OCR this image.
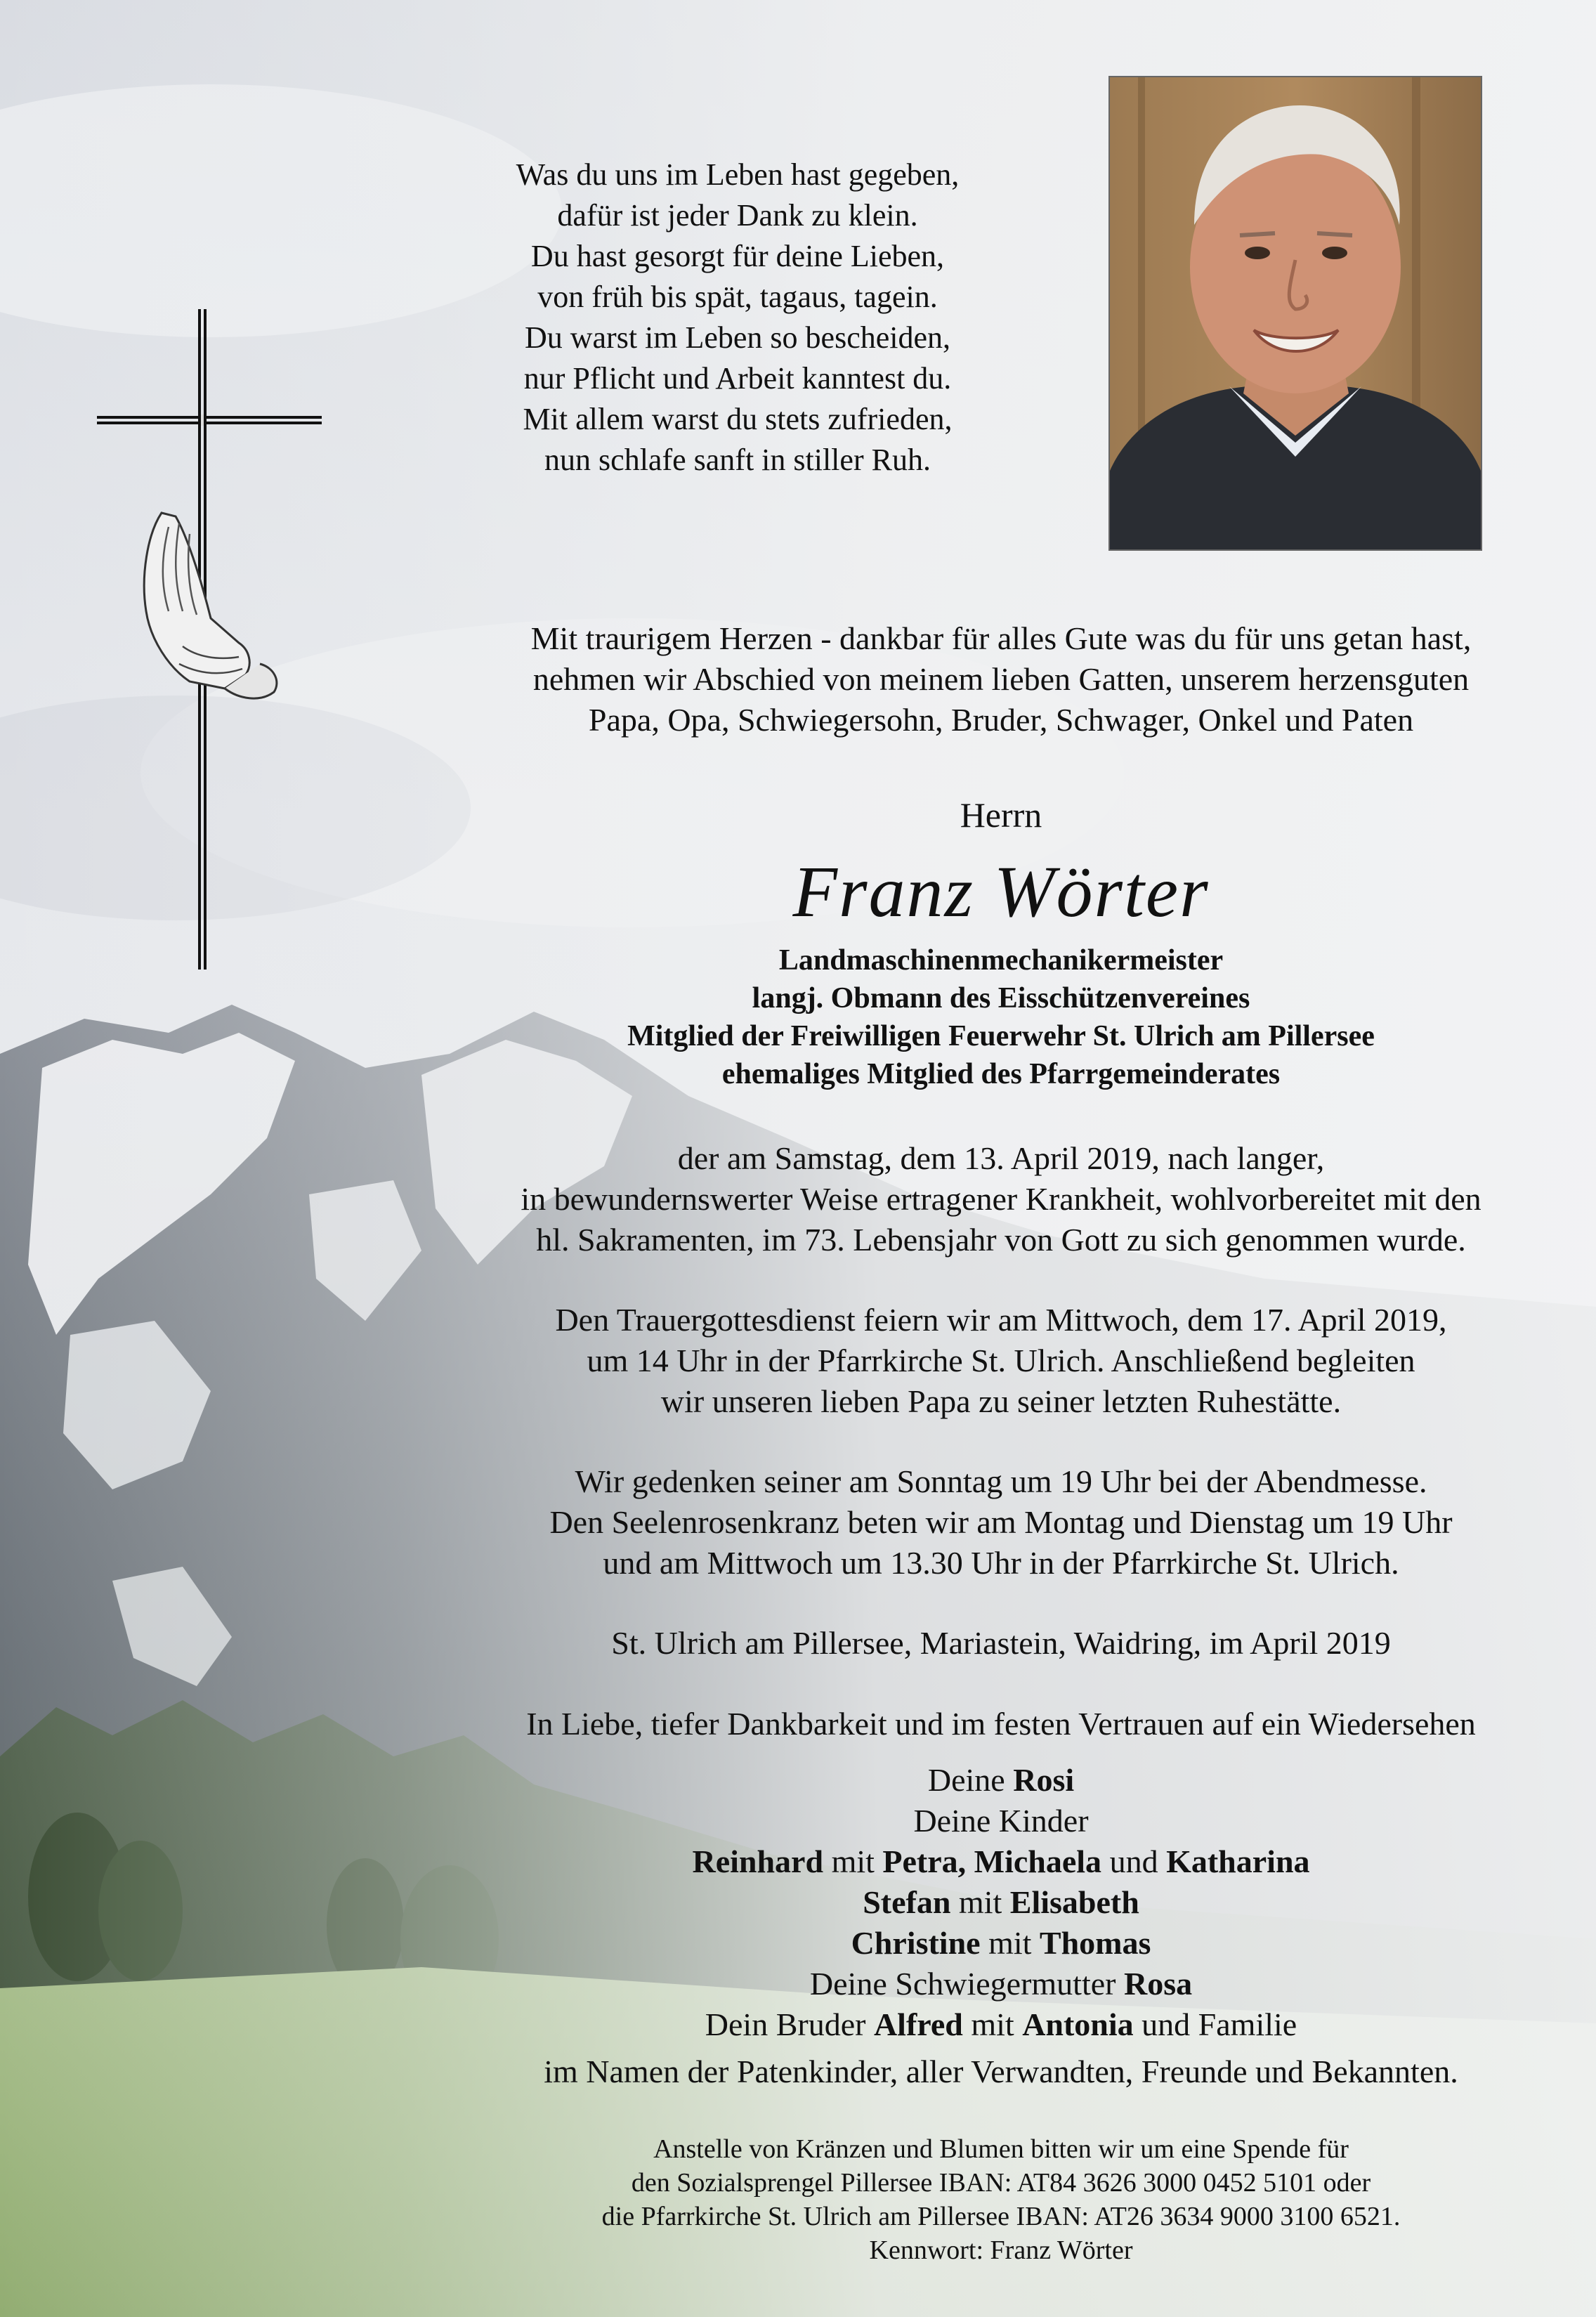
Was du uns im Leben hast gegeben,
dafür ist jeder Dank zu klein.
Du hast gesorgt für deine Lieben,
von früh bis spät, tagaus, tagein.
Du warst im Leben so bescheiden,
nur Pflicht und Arbeit kanntest du.
Mit allem warst du stets zufrieden,
nun schlafe sanft in stiller Ruh.
Mit traurigem Herzen - dankbar für alles Gute was du für uns getan hast,
nehmen wir Abschied von meinem lieben Gatten, unserem herzensguten
Papa, Opa, Schwiegersohn, Bruder, Schwager, Onkel und Paten
Herrn
Franz Wörter
Landmaschinenmechanikermeister
langj. Obmann des Eisschützenvereines
Mitglied der Freiwilligen Feuerwehr St. Ulrich am Pillersee
ehemaliges Mitglied des Pfarrgemeinderates
der am Samstag, dem 13. April 2019, nach langer,
in bewundernswerter Weise ertragener Krankheit, wohlvorbereitet mit den
hl. Sakramenten, im 73. Lebensjahr von Gott zu sich genommen wurde.
Den Trauergottesdienst feiern wir am Mittwoch, dem 17. April 2019,
um 14 Uhr in der Pfarrkirche St. Ulrich. Anschließend begleiten
wir unseren lieben Papa zu seiner letzten Ruhestätte.
Wir gedenken seiner am Sonntag um 19 Uhr bei der Abendmesse.
Den Seelenrosenkranz beten wir am Montag und Dienstag um 19 Uhr
und am Mittwoch um 13.30 Uhr in der Pfarrkirche St. Ulrich.
St. Ulrich am Pillersee, Mariastein, Waidring, im April 2019
In Liebe, tiefer Dankbarkeit und im festen Vertrauen auf ein Wiedersehen
Deine Rosi
Deine Kinder
Reinhard mit Petra, Michaela und Katharina
Stefan mit Elisabeth
Christine mit Thomas
Deine Schwiegermutter Rosa
Dein Bruder Alfred mit Antonia und Familie
im Namen der Patenkinder, aller Verwandten, Freunde und Bekannten.
Anstelle von Kränzen und Blumen bitten wir um eine Spende für
den Sozialsprengel Pillersee IBAN: AT84 3626 3000 0452 5101 oder
die Pfarrkirche St. Ulrich am Pillersee IBAN: AT26 3634 9000 3100 6521.
Kennwort: Franz Wörter
